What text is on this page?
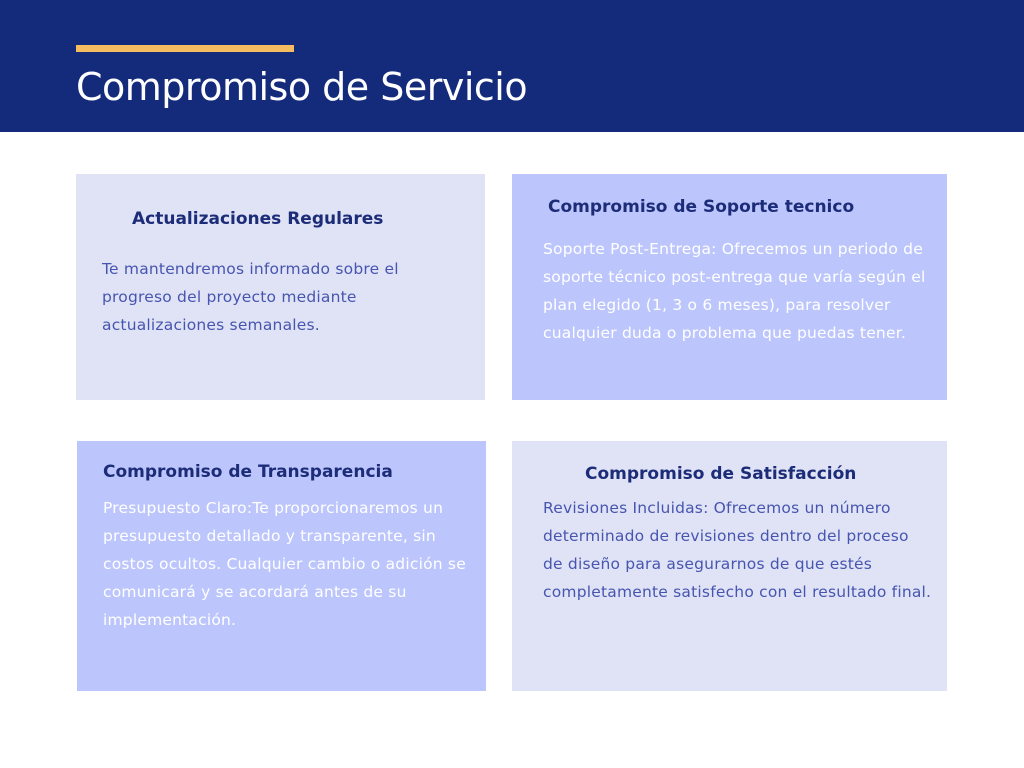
Compromiso de Servicio
Actualizaciones Regulares

Te mantendremos informado sobre el progreso del proyecto mediante actualizaciones semanales.

Compromiso de Soporte tecnico

Soporte Post-Entrega: Ofrecemos un periodo de soporte técnico post-entrega que varía según el plan elegido (1, 3 o 6 meses), para resolver cualquier duda o problema que puedas tener.

Compromiso de Transparencia

Presupuesto Claro:Te proporcionaremos un presupuesto detallado y transparente, sin costos ocultos. Cualquier cambio o adición se comunicará y se acordará antes de su implementación.

Compromiso de Satisfacción

Revisiones Incluidas: Ofrecemos un número determinado de revisiones dentro del proceso de diseño para asegurarnos de que estés completamente satisfecho con el resultado final.
